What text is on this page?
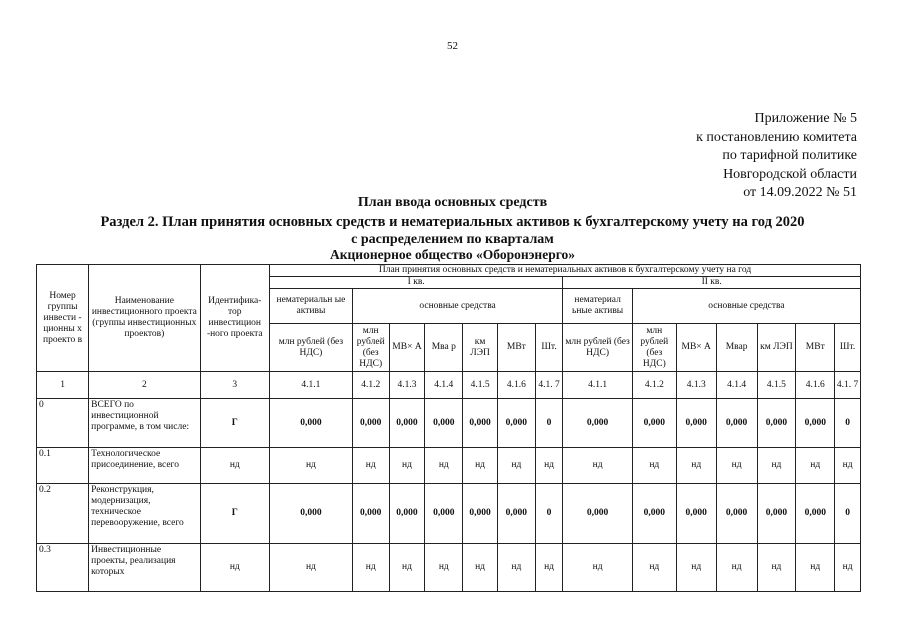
52
Приложение № 5
к постановлению комитета
по тарифной политике
Новгородской области
от 14.09.2022 № 51
План ввода основных средств
Раздел 2. План принятия основных средств и нематериальных активов к бухгалтерскому учету на год 2020
с распределением по кварталам
Акционерное общество «Оборонэнерго»
Номер группы инвести - ционны х проекто в	Наименование инвестиционного проекта (группы инвестиционных проектов)	Идентифика-тор инвестицион -ного проекта	План принятия основных средств и нематериальных активов к бухгалтерскому учету на год													
			I кв.							II кв.						
			нематериальн ые активы	основные средства						нематериал ьные активы	основные средства					
			млн рублей (без НДС)	млн рублей (без НДС)	МВ× А	Мва р	км ЛЭП	МВт	Шт.	млн рублей (без НДС)	млн рублей (без НДС)	МВ× А	Мвар	км ЛЭП	МВт	Шт.
1	2	3	4.1.1	4.1.2	4.1.3	4.1.4	4.1.5	4.1.6	4.1. 7	4.1.1	4.1.2	4.1.3	4.1.4	4.1.5	4.1.6	4.1. 7
0	ВСЕГО по инвестиционной программе, в том числе:	Г	0,000	0,000	0,000	0,000	0,000	0,000	0	0,000	0,000	0,000	0,000	0,000	0,000	0
0.1	Технологическое присоединение, всего	нд	нд	нд	нд	нд	нд	нд	нд	нд	нд	нд	нд	нд	нд	нд
0.2	Реконструкция, модернизация, техническое перевооружение, всего	Г	0,000	0,000	0,000	0,000	0,000	0,000	0	0,000	0,000	0,000	0,000	0,000	0,000	0
0.3	Инвестиционные проекты, реализация которых	нд	нд	нд	нд	нд	нд	нд	нд	нд	нд	нд	нд	нд	нд	нд
